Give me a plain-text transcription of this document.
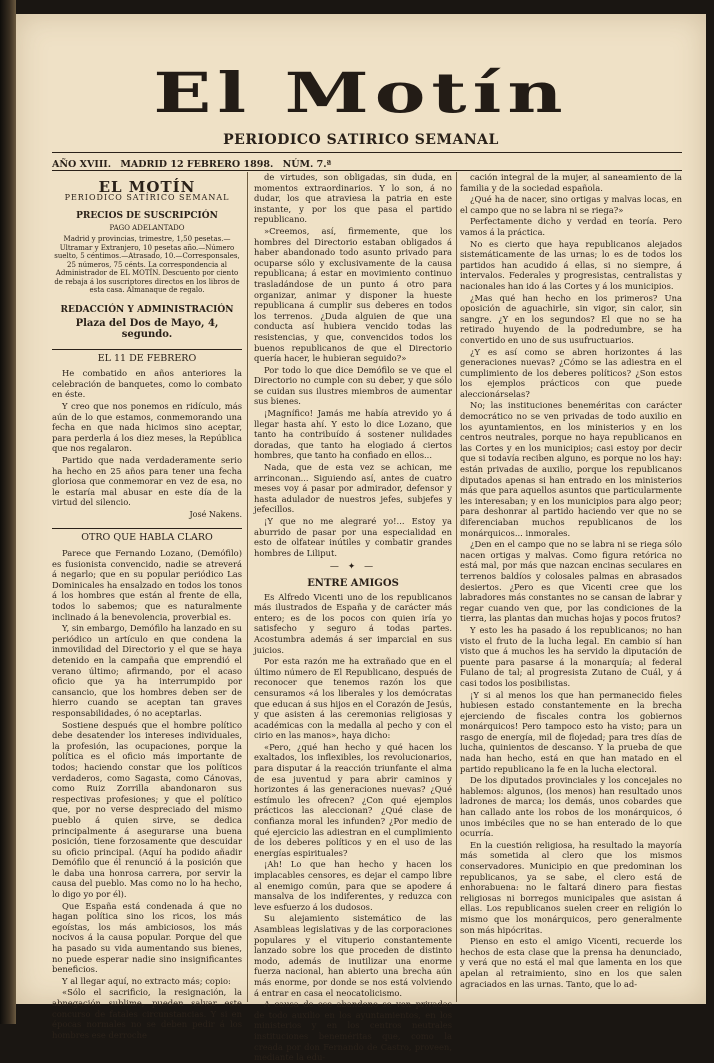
El Motín
PERIODICO SATIRICO SEMANAL
AÑO XVIII. MADRID 12 FEBRERO 1898. NÚM. 7.ª
EL MOTÍN
PERIODICO SATÍRICO SEMANAL
PRECIOS DE SUSCRIPCIÓN
PAGO ADELANTADO
Madrid y provincias, trimestre, 1,50 pesetas.—Ultramar y Extranjero, 10 pesetas año.—Número suelto, 5 céntimos.—Atrasado, 10.—Corresponsales, 25 números, 75 cénts. La correspondencia al Administrador de EL MOTÍN. Descuento por ciento de rebaja á los suscriptores directos en los libros de esta casa. Almanaque de regalo.
REDACCIÓN Y ADMINISTRACIÓN
Plaza del Dos de Mayo, 4, segundo.
EL 11 DE FEBRERO

He combatido en años anteriores la celebración de banquetes, como lo combato en éste.

Y creo que nos ponemos en ridículo, más aún de lo que estamos, conmemorando una fecha en que nada hicimos sino aceptar, para perderla á los diez meses, la República que nos regalaron.

Partido que nada verdaderamente serio ha hecho en 25 años para tener una fecha gloriosa que conmemorar en vez de esa, no le estaría mal abusar en este día de la virtud del silencio.

José Nakens.
OTRO QUE HABLA CLARO

Parece que Fernando Lozano, (Demófilo) es fusionista convencido, nadie se atreverá á negarlo; que en su popular periódico Las Dominicales ha ensalzado en todos los tonos á los hombres que están al frente de ella, todos lo sabemos; que es naturalmente inclinado á la benevolencia, proverbial es.

Y, sin embargo, Demófilo ha lanzado en su periódico un artículo en que condena la inmovilidad del Directorio y el que se haya detenido en la campaña que emprendió el verano último; afirmando, por el acaso oficio que ya ha interrumpido por cansancio, que los hombres deben ser de hierro cuando se aceptan tan graves responsabilidades, ó no aceptarlas.

Sostiene después que el hombre político debe desatender los intereses individuales, la profesión, las ocupaciones, porque la política es el oficio más importante de todos; haciendo constar que los políticos verdaderos, como Sagasta, como Cánovas, como Ruiz Zorrilla abandonaron sus respectivas profesiones; y que el político que, por no verse despreciado del mismo pueblo á quien sirve, se dedica principalmente á asegurarse una buena posición, tiene forzosamente que descuidar su oficio principal. (Aquí ha podido añadir Demófilo que él renunció á la posición que le daba una honrosa carrera, por servir la causa del pueblo. Mas como no lo ha hecho, lo digo yo por él).

Que España está condenada á que no hagan política sino los ricos, los más egoístas, los más ambiciosos, los más nocivos á la causa popular. Porque del que ha pasado su vida aumentando sus bienes, no puede esperar nadie sino insignificantes beneficios.

Y al llegar aquí, no extracto más; copio:

«Sólo el sacrificio, la resignación, la abnegación sublime, pueden salvar este concurso de fatales circunstancias. Y si en épocas normales no se deben pedir á los hombres ese derroche

de virtudes, son obligadas, sin duda, en momentos extraordinarios. Y lo son, á no dudar, los que atraviesa la patria en este instante, y por los que pasa el partido republicano.

»Creemos, así, firmemente, que los hombres del Directorio estaban obligados á haber abandonado todo asunto privado para ocuparse sólo y exclusivamente de la causa republicana; á estar en movimiento continuo trasladándose de un punto á otro para organizar, animar y disponer la hueste republicana á cumplir sus deberes en todos los terrenos. ¿Duda alguien de que una conducta así hubiera vencido todas las resistencias, y que, convencidos todos los buenos republicanos de que el Directorio quería hacer, le hubieran seguido?»

Por todo lo que dice Demófilo se ve que el Directorio no cumple con su deber, y que sólo se cuidan sus ilustres miembros de aumentar sus bienes.

¡Magnífico! Jamás me había atrevido yo á llegar hasta ahí. Y esto lo dice Lozano, que tanto ha contribuído á sostener nulidades doradas, que tanto ha elogiado á ciertos hombres, que tanto ha confiado en ellos...

Nada, que de esta vez se achican, me arrinconan... Siguiendo así, antes de cuatro meses voy á pasar por admirador, defensor y hasta adulador de nuestros jefes, subjefes y jefecillos.

¡Y que no me alegraré yo!... Estoy ya aburrido de pasar por una especialidad en esto de olfatear inútiles y combatir grandes hombres de Liliput.

— ✦ —
ENTRE AMIGOS

Es Alfredo Vicenti uno de los republicanos más ilustrados de España y de carácter más entero; es de los pocos con quien iría yo satisfecho y seguro á todas partes. Acostumbra además á ser imparcial en sus juicios.

Por esta razón me ha extrañado que en el último número de El Republicano, después de reconocer que tenemos razón los que censuramos «á los liberales y los demócratas que educan á sus hijos en el Corazón de Jesús, y que asisten á las ceremonias religiosas y académicas con la medalla al pecho y con el cirio en las manos», haya dicho:

«Pero, ¿qué han hecho y qué hacen los exaltados, los inflexibles, los revolucionarios, para disputar á la reacción triunfante el alma de esa juventud y para abrir caminos y horizontes á las generaciones nuevas? ¿Qué estímulo les ofrecen? ¿Con qué ejemplos prácticos las aleccionan? ¿Qué clase de confianza moral les infunden? ¿Por medio de qué ejercicio las adiestran en el cumplimiento de los deberes políticos y en el uso de las energías espirituales?

¡Ah! Lo que han hecho y hacen los implacables censores, es dejar el campo libre al enemigo común, para que se apodere á mansalva de los indiferentes, y reduzca con leve esfuerzo á los dudosos.

Su alejamiento sistemático de las Asambleas legislativas y de las corporaciones populares y el vituperio constantemente lanzado sobre los que proceden de distinto modo, además de inutilizar una enorme fuerza nacional, han abierto una brecha aún más enorme, por donde se nos está volviendo á entrar en casa el neocatolicismo.

A causa de ese abandono se ven privadas de todo auxilio en los ayuntamientos, en los ministerios y en los centros neutrales instituciones beneméritas que, como la creada por don Fernando de Castro, proveen, mediante la edu-

cación integral de la mujer, al saneamiento de la familia y de la sociedad española.

¿Qué ha de nacer, sino ortigas y malvas locas, en el campo que no se labra ni se riega?»

Perfectamente dicho y verdad en teoría. Pero vamos á la práctica.

No es cierto que haya republicanos alejados sistemáticamente de las urnas; lo es de todos los partidos han acudido á ellas, si no siempre, á intervalos. Federales y progresistas, centralistas y nacionales han ido á las Cortes y á los municipios.

¿Mas qué han hecho en los primeros? Una oposición de aguachirle, sin vigor, sin calor, sin sangre. ¿Y en los segundos? El que no se ha retirado huyendo de la podredumbre, se ha convertido en uno de sus usufructuarios.

¿Y es así como se abren horizontes á las generaciones nuevas? ¿Cómo se las adiestra en el cumplimiento de los deberes políticos? ¿Son estos los ejemplos prácticos con que puede aleccionárselas?

No; las instituciones beneméritas con carácter democrático no se ven privadas de todo auxilio en los ayuntamientos, en los ministerios y en los centros neutrales, porque no haya republicanos en las Cortes y en los municipios; casi estoy por decir que si todavía reciben alguno, es porque no los hay: están privadas de auxilio, porque los republicanos diputados apenas si han entrado en los ministerios más que para aquellos asuntos que particularmente les interesaban; y en los municipios para algo peor; para deshonrar al partido haciendo ver que no se diferenciaban muchos republicanos de los monárquicos... inmorales.

¿Den en el campo que no se labra ni se riega sólo nacen ortigas y malvas. Como figura retórica no está mal, por más que nazcan encinas seculares en terrenos baldíos y colosales palmas en abrasados desiertos. ¿Pero es que Vicenti cree que los labradores más constantes no se cansan de labrar y regar cuando ven que, por las condiciones de la tierra, las plantas dan muchas hojas y pocos frutos?

Y esto les ha pasado á los republicanos; no han visto el fruto de la lucha legal. En cambio sí han visto que á muchos les ha servido la diputación de puente para pasarse á la monarquía; al federal Fulano de tal; al progresista Zutano de Cuál, y á casi todos los posibilistas.

¡Y si al menos los que han permanecido fieles hubiesen estado constantemente en la brecha ejerciendo de fiscales contra los gobiernos monárquicos! Pero tampoco esto ha visto; para un rasgo de energía, mil de flojedad; para tres días de lucha, quinientos de descanso. Y la prueba de que nada han hecho, está en que han matado en el partido republicano la fe en la lucha electoral.

De los diputados provinciales y los concejales no hablemos: algunos, (los menos) han resultado unos ladrones de marca; los demás, unos cobardes que han callado ante los robos de los monárquicos, ó unos imbéciles que no se han enterado de lo que ocurría.

En la cuestión religiosa, ha resultado la mayoría más sometida al clero que los mismos conservadores. Municipio en que predominan los republicanos, ya se sabe, el clero está de enhorabuena: no le faltará dinero para fiestas religiosas ni borregos municipales que asistan á ellas. Los republicanos suelen creer en religión lo mismo que los monárquicos, pero generalmente son más hipócritas.

Pienso en esto el amigo Vicenti, recuerde los hechos de esta clase que la prensa ha denunciado, y verá que no está el mal que lamenta en los que apelan al retraimiento, sino en los que salen agraciados en las urnas. Tanto, que lo ad-
